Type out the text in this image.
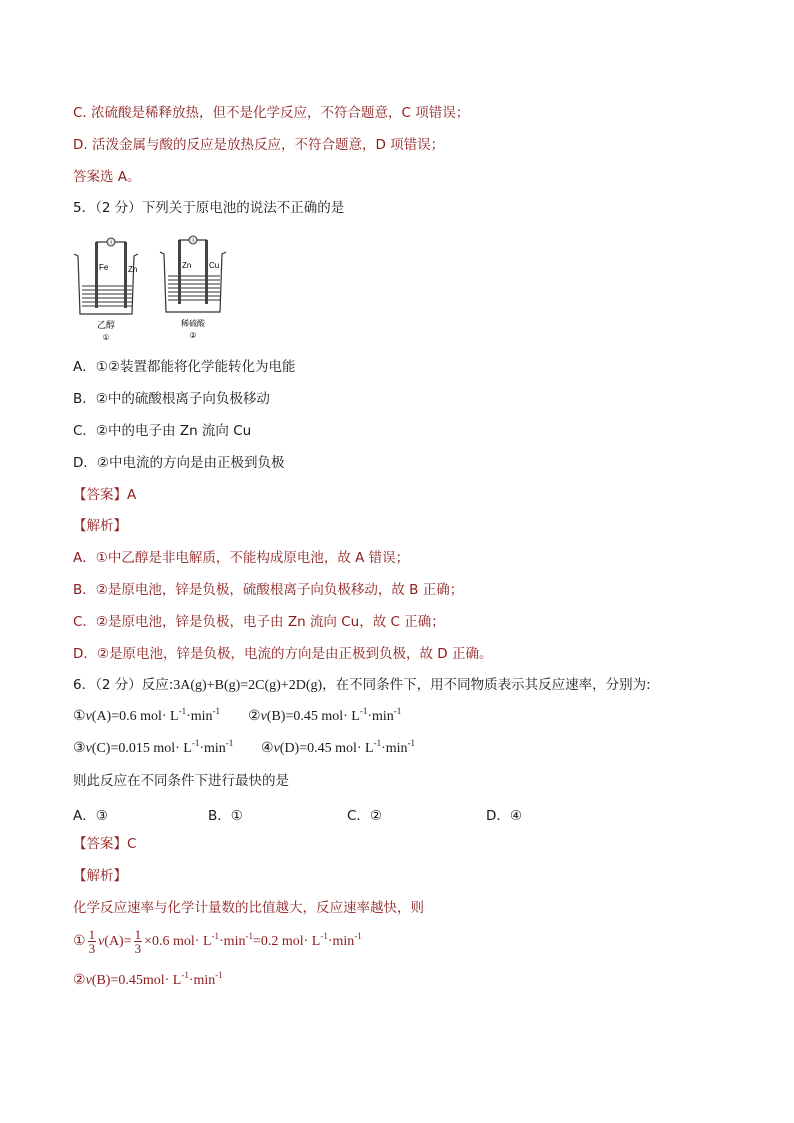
C. 浓硫酸是稀释放热，但不是化学反应，不符合题意，C 项错误；
D. 活泼金属与酸的反应是放热反应，不符合题意，D 项错误；
答案选 A。
5．（2 分）下列关于原电池的说法不正确的是
Ⓐ
Fe Zn
乙醇
①
Ⓐ
Zn Cu
稀硫酸
②
A．①②装置都能将化学能转化为电能
B．②中的硫酸根离子向负极移动
C．②中的电子由 Zn 流向 Cu
D．②中电流的方向是由正极到负极
【答案】A
【解析】
A．①中乙醇是非电解质，不能构成原电池，故 A 错误；
B．②是原电池，锌是负极，硫酸根离子向负极移动，故 B 正确；
C．②是原电池，锌是负极，电子由 Zn 流向 Cu，故 C 正确；
D．②是原电池，锌是负极，电流的方向是由正极到负极，故 D 正确。
6．（2 分）反应:3A(g)+B(g)=2C(g)+2D(g)，在不同条件下，用不同物质表示其反应速率，分别为:
①v(A)=0.6 $mol\cdot L^{-1}\cdot\min^{-1}$ ②v(B)=0.45 $mol\cdot L^{-1}\cdot\min^{-1}$
③v(C)=0.015 $mol\cdot L^{-1}\cdot\min^{-1}$ ④v(D)=0.45 $mol\cdot L^{-1}\cdot\min^{-1}$
则此反应在不同条件下进行最快的是
A．③	B．①	C．②	D．④
【答案】C
【解析】
化学反应速率与化学计量数的比值越大，反应速率越快，则
① $\frac{1}{3} v(A)= \frac{1}{3} \times 0.6$ $mol\cdot L^{-1}\cdot\min^{-1}=0.2$ $mol\cdot L^{-1}\cdot\min^{-1}$
②v(B)=0.45mol· $L^{-1}\cdot\min^{-1}$
